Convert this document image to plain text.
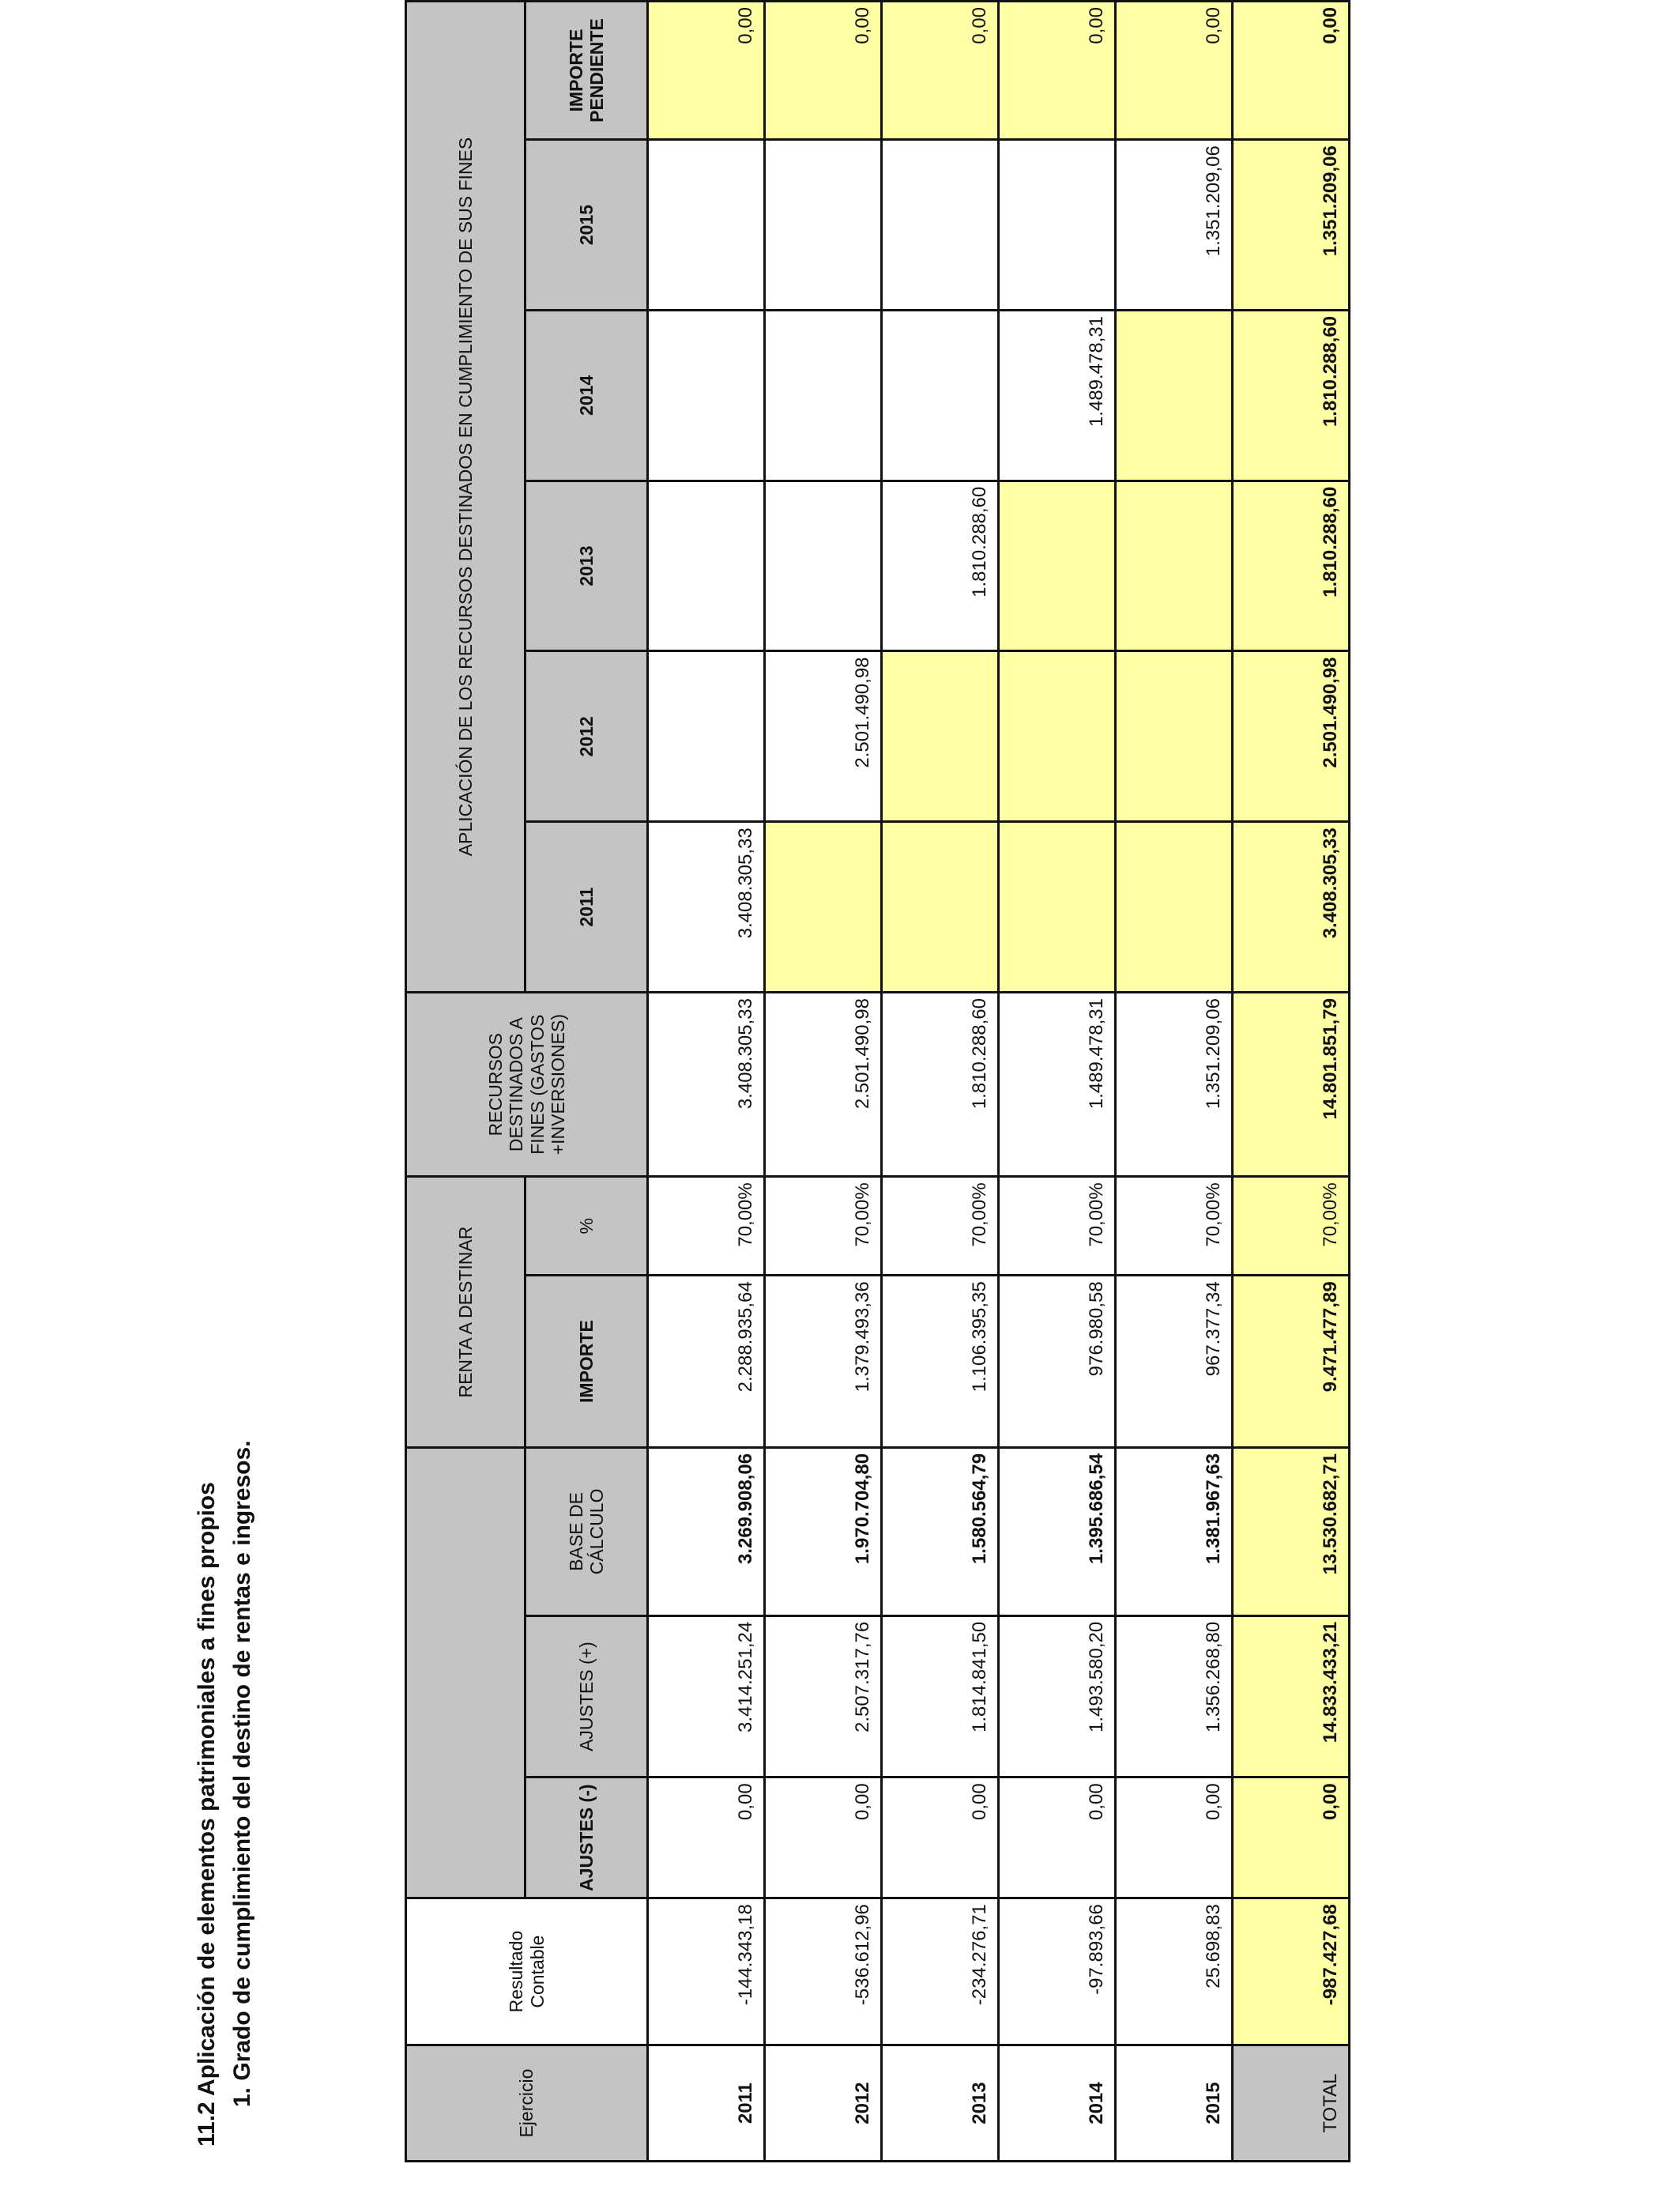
11.2 Aplicación de elementos patrimoniales a fines propios 1. Grado de cumplimiento del destino de rentas e ingresos.	Ejercicio	Resultado Contable				RENTA A DESTINAR		RECURSOS DESTINADOS A FINES (GASTOS +INVERSIONES)	APLICACIÓN DE LOS RECURSOS DESTINADOS EN CUMPLIMIENTO DE SUS FINES					
		AJUSTES (-)	AJUSTES (+)	BASE DE CÁLCULO	IMPORTE	%		2011	2012	2013	2014	2015	IMPORTE PENDIENTE
2011	-144.343,18	0,00	3.414.251,24	3.269.908,06	2.288.935,64	70,00%	3.408.305,33	3.408.305,33					0,00
2012	-536.612,96	0,00	2.507.317,76	1.970.704,80	1.379.493,36	70,00%	2.501.490,98		2.501.490,98				0,00
2013	-234.276,71	0,00	1.814.841,50	1.580.564,79	1.106.395,35	70,00%	1.810.288,60			1.810.288,60			0,00
2014	-97.893,66	0,00	1.493.580,20	1.395.686,54	976.980,58	70,00%	1.489.478,31				1.489.478,31		0,00
2015	25.698,83	0,00	1.356.268,80	1.381.967,63	967.377,34	70,00%	1.351.209,06					1.351.209,06	0,00
TOTAL	-987.427,68	0,00	14.833.433,21	13.530.682,71	9.471.477,89	70,00%	14.801.851,79	3.408.305,33	2.501.490,98	1.810.288,60	1.810.288,60	1.351.209,06	0,00
